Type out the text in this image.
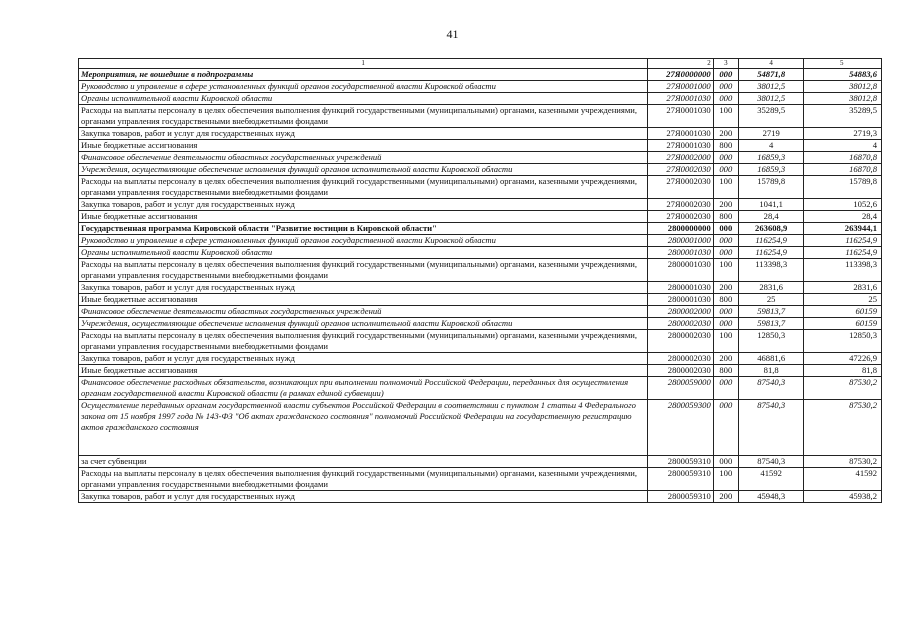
41
1	2	3	4	5
Мероприятия, не вошедшие в подпрограммы	27Я0000000	000	54871,8	54883,6
Руководство и управление в сфере установленных функций органов государственной власти Кировской области	27Я0001000	000	38012,5	38012,8
Органы исполнительной власти Кировской области	27Я0001030	000	38012,5	38012,8
Расходы на выплаты персоналу в целях обеспечения выполнения функций государственными (муниципальными) органами, казенными учреждениями, органами управления государственными внебюджетными фондами	27Я0001030	100	35289,5	35289,5
Закупка товаров, работ и услуг для государственных нужд	27Я0001030	200	2719	2719,3
Иные бюджетные ассигнования	27Я0001030	800	4	4
Финансовое обеспечение деятельности областных государственных учреждений	27Я0002000	000	16859,3	16870,8
Учреждения, осуществляющие обеспечение исполнения функций органов исполнительной власти Кировской области	27Я0002030	000	16859,3	16870,8
Расходы на выплаты персоналу в целях обеспечения выполнения функций государственными (муниципальными) органами, казенными учреждениями, органами управления государственными внебюджетными фондами	27Я0002030	100	15789,8	15789,8
Закупка товаров, работ и услуг для государственных нужд	27Я0002030	200	1041,1	1052,6
Иные бюджетные ассигнования	27Я0002030	800	28,4	28,4
Государственная программа Кировской области "Развитие юстиции в Кировской области"	2800000000	000	263608,9	263944,1
Руководство и управление в сфере установленных функций органов государственной власти Кировской области	2800001000	000	116254,9	116254,9
Органы исполнительной власти Кировской области	2800001030	000	116254,9	116254,9
Расходы на выплаты персоналу в целях обеспечения выполнения функций государственными (муниципальными) органами, казенными учреждениями, органами управления государственными внебюджетными фондами	2800001030	100	113398,3	113398,3
Закупка товаров, работ и услуг для государственных нужд	2800001030	200	2831,6	2831,6
Иные бюджетные ассигнования	2800001030	800	25	25
Финансовое обеспечение деятельности областных государственных учреждений	2800002000	000	59813,7	60159
Учреждения, осуществляющие обеспечение исполнения функций органов исполнительной власти Кировской области	2800002030	000	59813,7	60159
Расходы на выплаты персоналу в целях обеспечения выполнения функций государственными (муниципальными) органами, казенными учреждениями, органами управления государственными внебюджетными фондами	2800002030	100	12850,3	12850,3
Закупка товаров, работ и услуг для государственных нужд	2800002030	200	46881,6	47226,9
Иные бюджетные ассигнования	2800002030	800	81,8	81,8
Финансовое обеспечение расходных обязательств, возникающих при выполнении полномочий Российской Федерации, переданных для осуществления органам государственной власти Кировской области (в рамках единой субвенции)	2800059000	000	87540,3	87530,2
Осуществление переданных органам государственной власти субъектов Российской Федерации в соответствии с пунктом 1 статьи 4 Федерального закона от 15 ноября 1997 года № 143-ФЗ "Об актах гражданского состояния" полномочий Российской Федерации на государственную регистрацию актов гражданского состояния	2800059300	000	87540,3	87530,2
за счет субвенции	2800059310	000	87540,3	87530,2
Расходы на выплаты персоналу в целях обеспечения выполнения функций государственными (муниципальными) органами, казенными учреждениями, органами управления государственными внебюджетными фондами	2800059310	100	41592	41592
Закупка товаров, работ и услуг для государственных нужд	2800059310	200	45948,3	45938,2
